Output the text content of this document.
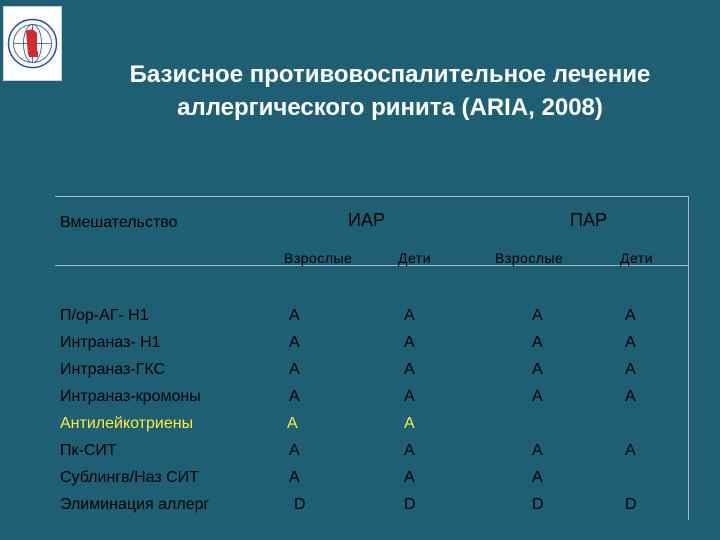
Базисное противовоспалительное лечение
аллергического ринита (ARIA, 2008)
Вмешательство	ИАР	ПАР
Взрослые	Дети	Взрослые	Дети
П/ор-АГ- Н1	A	A	A	A
Интраназ- Н1	A	A	A	A
Интраназ-ГКС	A	A	A	A
Интраназ-кромоны	A	A	A	A
Антилейкотриены	A	A
Пк-СИТ	A	A	A	A
Сублингв/Наз СИТ	A	A	A
Элиминация аллерг	D	D	D	D
